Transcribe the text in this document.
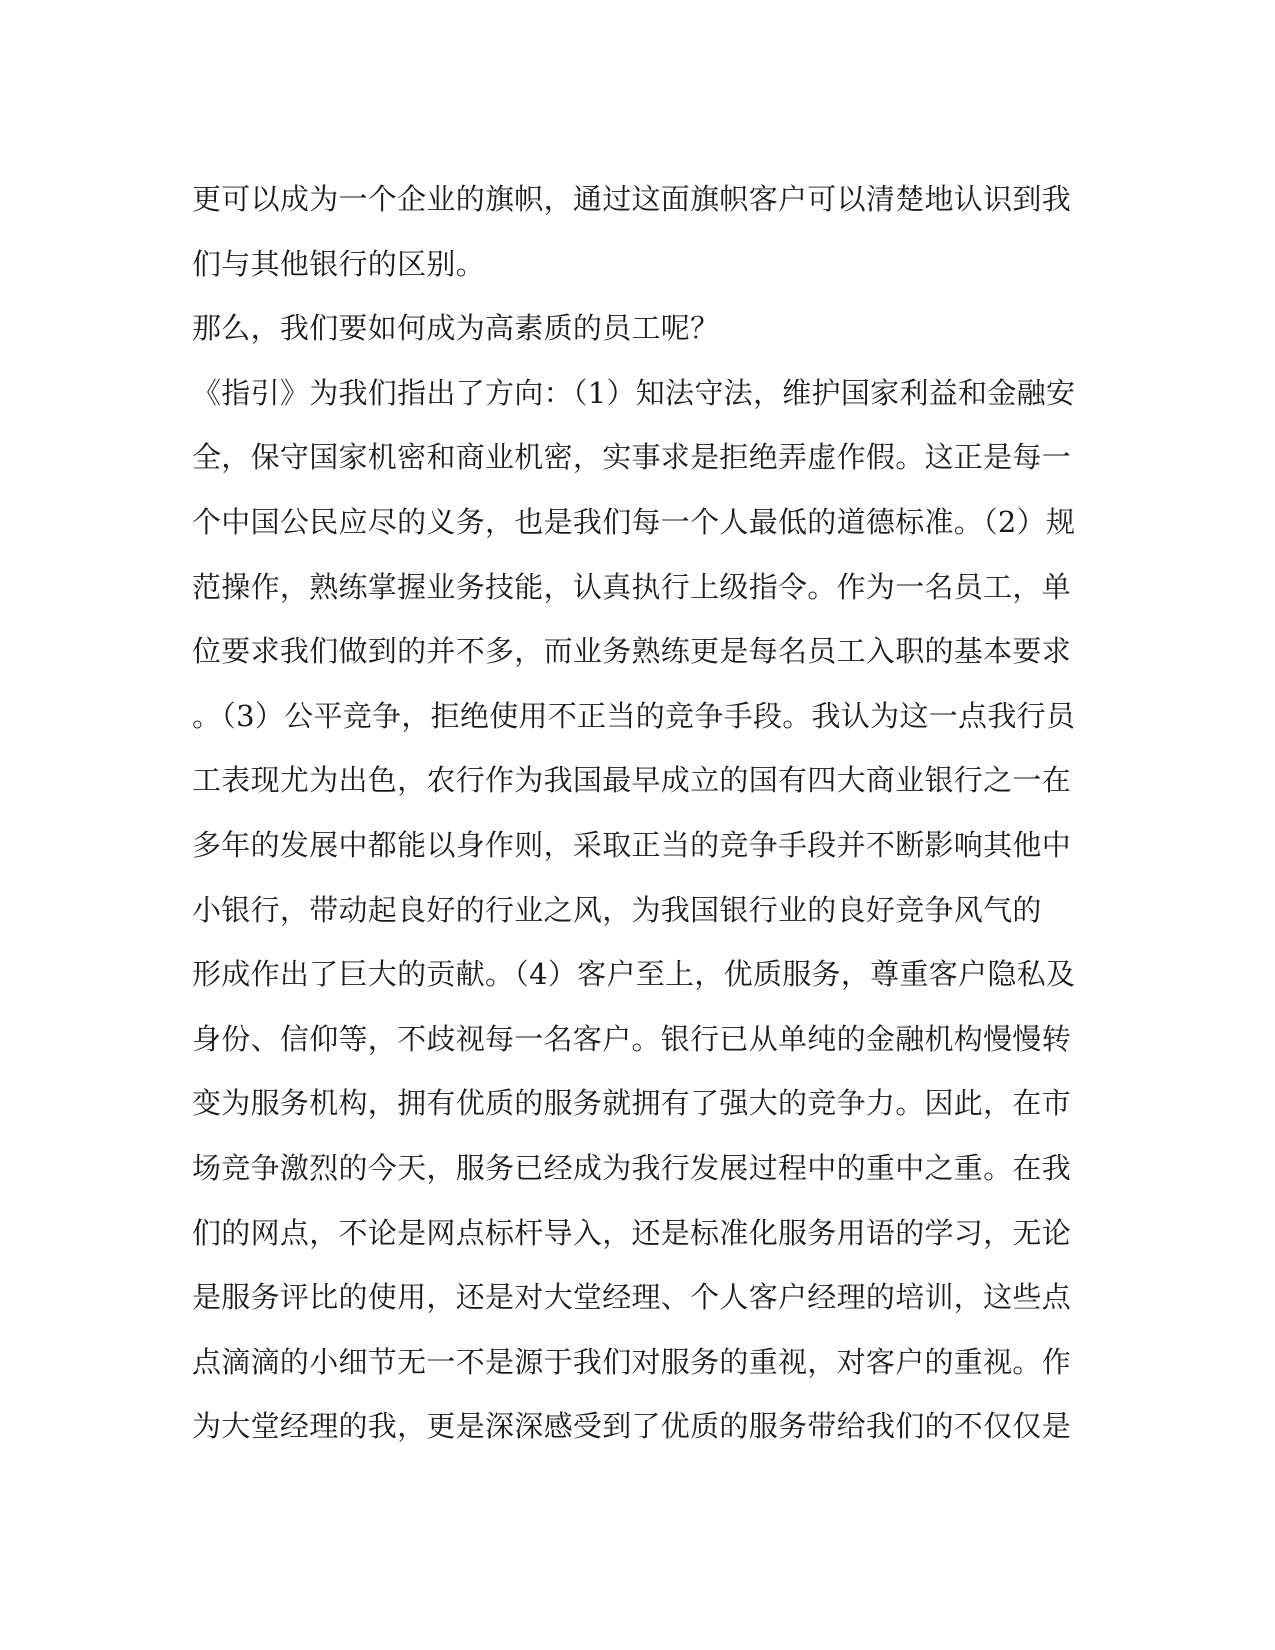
更可以成为一个企业的旗帜，通过这面旗帜客户可以清楚地认识到我
们与其他银行的区别。
那么，我们要如何成为高素质的员工呢？
《指引》为我们指出了方向：（1）知法守法，维护国家利益和金融安
全，保守国家机密和商业机密，实事求是拒绝弄虚作假。这正是每一
个中国公民应尽的义务，也是我们每一个人最低的道德标准。（2）规
范操作，熟练掌握业务技能，认真执行上级指令。作为一名员工，单
位要求我们做到的并不多，而业务熟练更是每名员工入职的基本要求
。（3）公平竞争，拒绝使用不正当的竞争手段。我认为这一点我行员
工表现尤为出色，农行作为我国最早成立的国有四大商业银行之一在
多年的发展中都能以身作则，采取正当的竞争手段并不断影响其他中
小银行，带动起良好的行业之风，为我国银行业的良好竞争风气的
形成作出了巨大的贡献。（4）客户至上，优质服务，尊重客户隐私及
身份、信仰等，不歧视每一名客户。银行已从单纯的金融机构慢慢转
变为服务机构，拥有优质的服务就拥有了强大的竞争力。因此，在市
场竞争激烈的今天，服务已经成为我行发展过程中的重中之重。在我
们的网点，不论是网点标杆导入，还是标准化服务用语的学习，无论
是服务评比的使用，还是对大堂经理、个人客户经理的培训，这些点
点滴滴的小细节无一不是源于我们对服务的重视，对客户的重视。作
为大堂经理的我，更是深深感受到了优质的服务带给我们的不仅仅是
